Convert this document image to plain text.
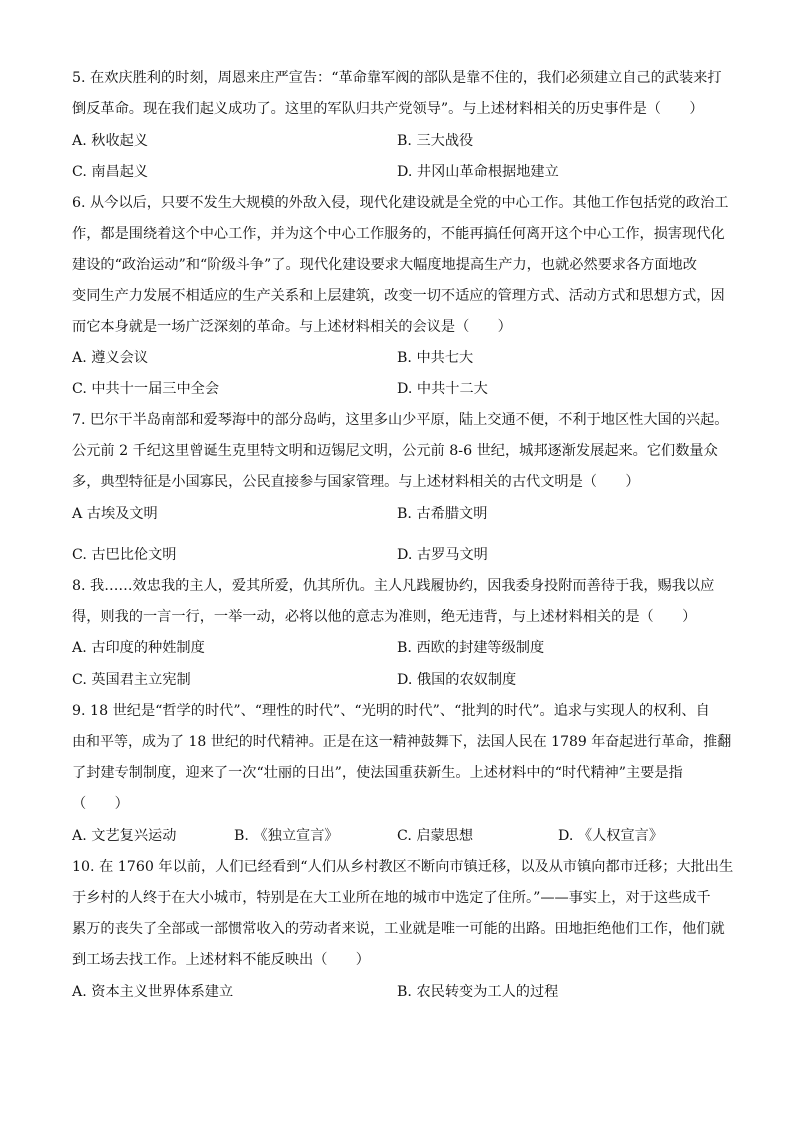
5. 在欢庆胜利的时刻，周恩来庄严宣告：“革命靠军阀的部队是靠不住的，我们必须建立自己的武装来打
倒反革命。现在我们起义成功了。这里的军队归共产党领导”。与上述材料相关的历史事件是（　　）
A. 秋收起义	B. 三大战役
C. 南昌起义	D. 井冈山革命根据地建立
6. 从今以后，只要不发生大规模的外敌入侵，现代化建设就是全党的中心工作。其他工作包括党的政治工
作，都是围绕着这个中心工作，并为这个中心工作服务的，不能再搞任何离开这个中心工作，损害现代化
建设的“政治运动”和“阶级斗争”了。现代化建设要求大幅度地提高生产力，也就必然要求各方面地改
变同生产力发展不相适应的生产关系和上层建筑，改变一切不适应的管理方式、活动方式和思想方式，因
而它本身就是一场广泛深刻的革命。与上述材料相关的会议是（　　）
A. 遵义会议	B. 中共七大
C. 中共十一届三中全会	D. 中共十二大
7. 巴尔干半岛南部和爱琴海中的部分岛屿，这里多山少平原，陆上交通不便，不利于地区性大国的兴起。
公元前 2 千纪这里曾诞生克里特文明和迈锡尼文明，公元前 8-6 世纪，城邦逐渐发展起来。它们数量众
多，典型特征是小国寡民，公民直接参与国家管理。与上述材料相关的古代文明是（　　）
A 古埃及文明	B. 古希腊文明
C. 古巴比伦文明	D. 古罗马文明
8. 我……效忠我的主人，爱其所爱，仇其所仇。主人凡践履协约，因我委身投附而善待于我，赐我以应
得，则我的一言一行，一举一动，必将以他的意志为准则，绝无违背，与上述材料相关的是（　　）
A. 古印度的种姓制度	B. 西欧的封建等级制度
C. 英国君主立宪制	D. 俄国的农奴制度
9. 18 世纪是“哲学的时代”、“理性的时代”、“光明的时代”、“批判的时代”。追求与实现人的权利、自
由和平等，成为了 18 世纪的时代精神。正是在这一精神鼓舞下，法国人民在 1789 年奋起进行革命，推翻
了封建专制制度，迎来了一次“壮丽的日出”，使法国重获新生。上述材料中的“时代精神”主要是指
（　　）
A. 文艺复兴运动	B. 《独立宣言》	C. 启蒙思想	D. 《人权宣言》
10. 在 1760 年以前，人们已经看到“人们从乡村教区不断向市镇迁移，以及从市镇向都市迁移；大批出生
于乡村的人终于在大小城市，特别是在大工业所在地的城市中选定了住所。”——事实上，对于这些成千
累万的丧失了全部或一部惯常收入的劳动者来说，工业就是唯一可能的出路。田地拒绝他们工作，他们就
到工场去找工作。上述材料不能反映出（　　）
A. 资本主义世界体系建立	B. 农民转变为工人的过程
